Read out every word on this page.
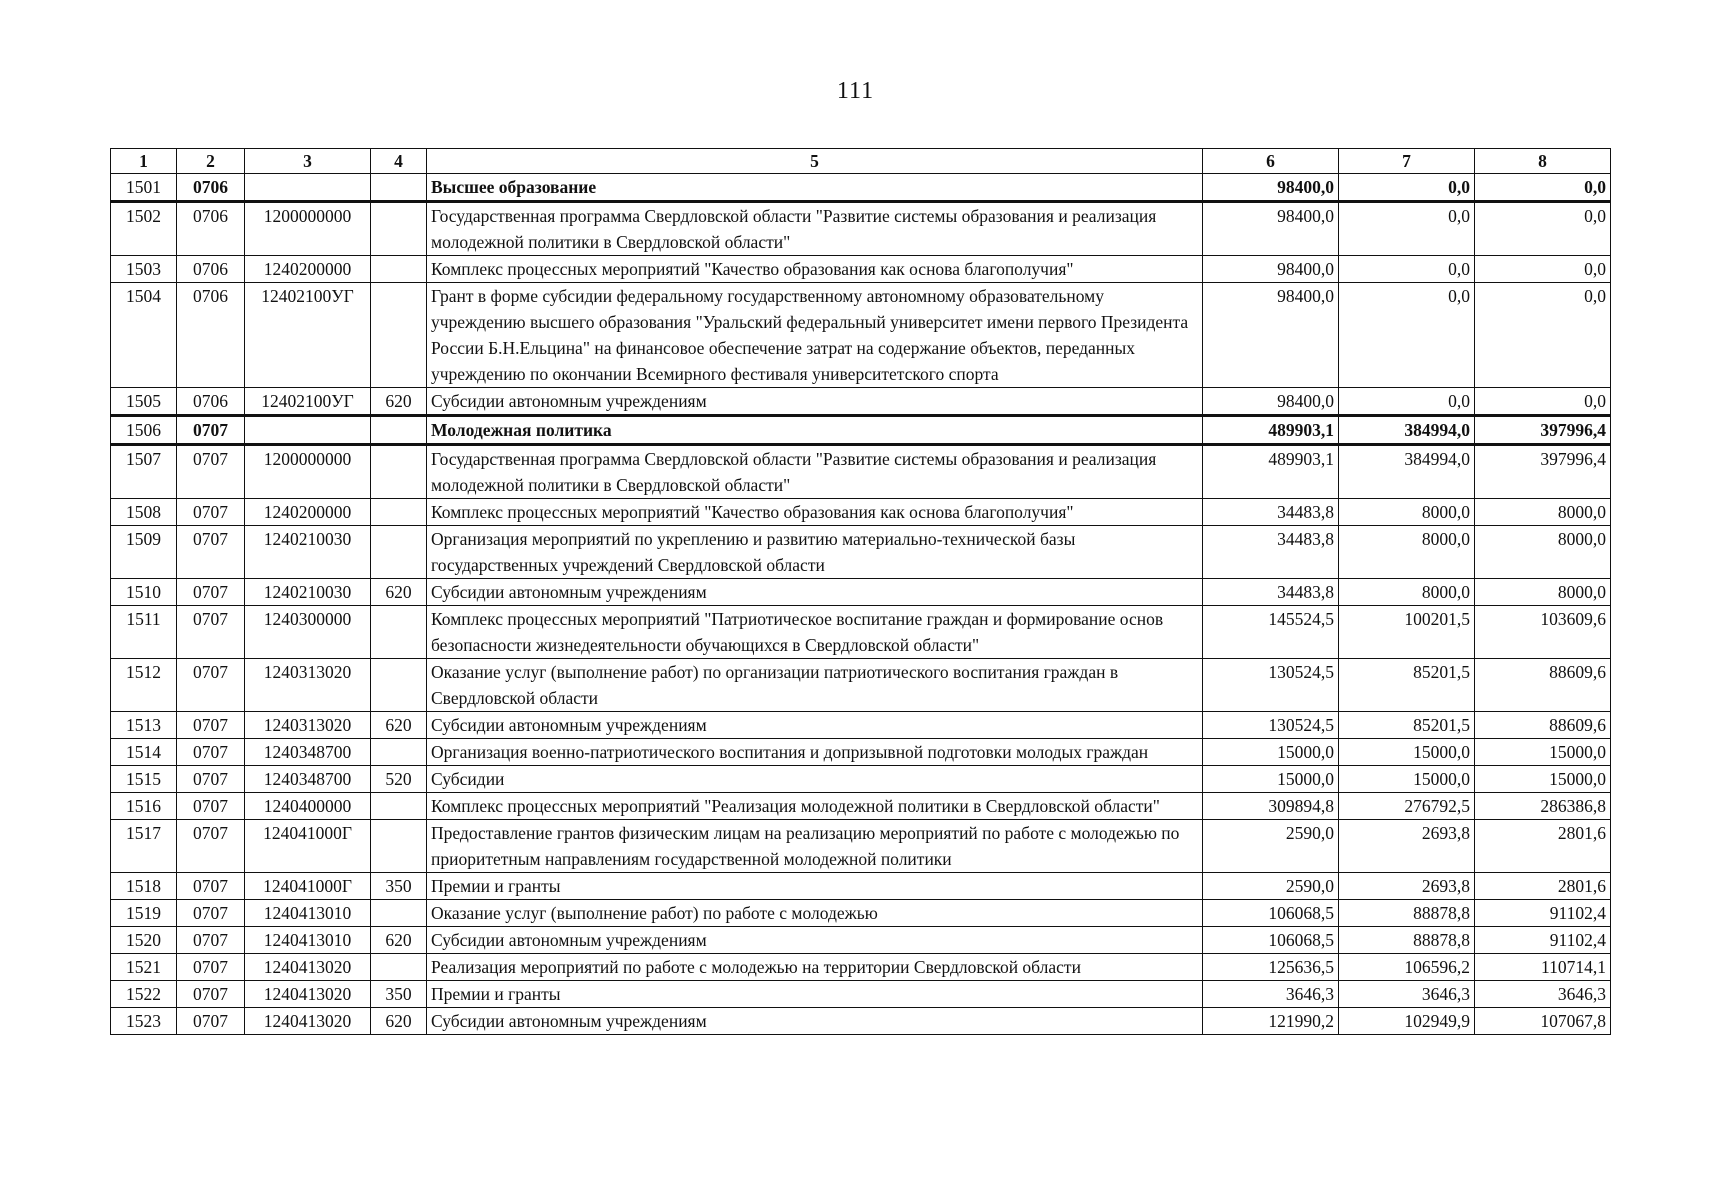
111
1	2	3	4	5	6	7	8
1501	0706			Высшее образование	98400,0	0,0	0,0
1502	0706	1200000000		Государственная программа Свердловской области "Развитие системы образования и реализация молодежной политики в Свердловской области"	98400,0	0,0	0,0
1503	0706	1240200000		Комплекс процессных мероприятий "Качество образования как основа благополучия"	98400,0	0,0	0,0
1504	0706	12402100УГ		Грант в форме субсидии федеральному государственному автономному образовательному учреждению высшего образования "Уральский федеральный университет имени первого Президента России Б.Н.Ельцина" на финансовое обеспечение затрат на содержание объектов, переданных учреждению по окончании Всемирного фестиваля университетского спорта	98400,0	0,0	0,0
1505	0706	12402100УГ	620	Субсидии автономным учреждениям	98400,0	0,0	0,0
1506	0707			Молодежная политика	489903,1	384994,0	397996,4
1507	0707	1200000000		Государственная программа Свердловской области "Развитие системы образования и реализация молодежной политики в Свердловской области"	489903,1	384994,0	397996,4
1508	0707	1240200000		Комплекс процессных мероприятий "Качество образования как основа благополучия"	34483,8	8000,0	8000,0
1509	0707	1240210030		Организация мероприятий по укреплению и развитию материально-технической базы государственных учреждений Свердловской области	34483,8	8000,0	8000,0
1510	0707	1240210030	620	Субсидии автономным учреждениям	34483,8	8000,0	8000,0
1511	0707	1240300000		Комплекс процессных мероприятий "Патриотическое воспитание граждан и формирование основ безопасности жизнедеятельности обучающихся в Свердловской области"	145524,5	100201,5	103609,6
1512	0707	1240313020		Оказание услуг (выполнение работ) по организации патриотического воспитания граждан в Свердловской области	130524,5	85201,5	88609,6
1513	0707	1240313020	620	Субсидии автономным учреждениям	130524,5	85201,5	88609,6
1514	0707	1240348700		Организация военно-патриотического воспитания и допризывной подготовки молодых граждан	15000,0	15000,0	15000,0
1515	0707	1240348700	520	Субсидии	15000,0	15000,0	15000,0
1516	0707	1240400000		Комплекс процессных мероприятий "Реализация молодежной политики в Свердловской области"	309894,8	276792,5	286386,8
1517	0707	124041000Г		Предоставление грантов физическим лицам на реализацию мероприятий по работе с молодежью по приоритетным направлениям государственной молодежной политики	2590,0	2693,8	2801,6
1518	0707	124041000Г	350	Премии и гранты	2590,0	2693,8	2801,6
1519	0707	1240413010		Оказание услуг (выполнение работ) по работе с молодежью	106068,5	88878,8	91102,4
1520	0707	1240413010	620	Субсидии автономным учреждениям	106068,5	88878,8	91102,4
1521	0707	1240413020		Реализация мероприятий по работе с молодежью на территории Свердловской области	125636,5	106596,2	110714,1
1522	0707	1240413020	350	Премии и гранты	3646,3	3646,3	3646,3
1523	0707	1240413020	620	Субсидии автономным учреждениям	121990,2	102949,9	107067,8
